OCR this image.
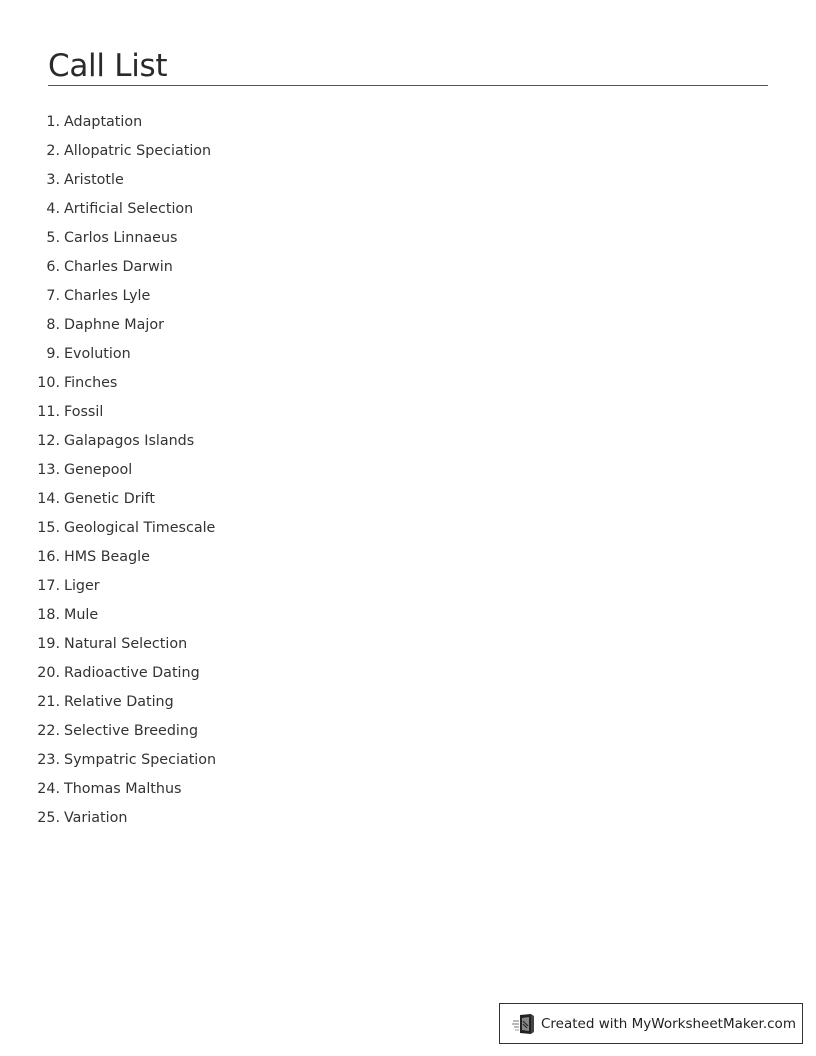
Call List
1. Adaptation
2. Allopatric Speciation
3. Aristotle
4. Artificial Selection
5. Carlos Linnaeus
6. Charles Darwin
7. Charles Lyle
8. Daphne Major
9. Evolution
10. Finches
11. Fossil
12. Galapagos Islands
13. Genepool
14. Genetic Drift
15. Geological Timescale
16. HMS Beagle
17. Liger
18. Mule
19. Natural Selection
20. Radioactive Dating
21. Relative Dating
22. Selective Breeding
23. Sympatric Speciation
24. Thomas Malthus
25. Variation
Created with MyWorksheetMaker.com
